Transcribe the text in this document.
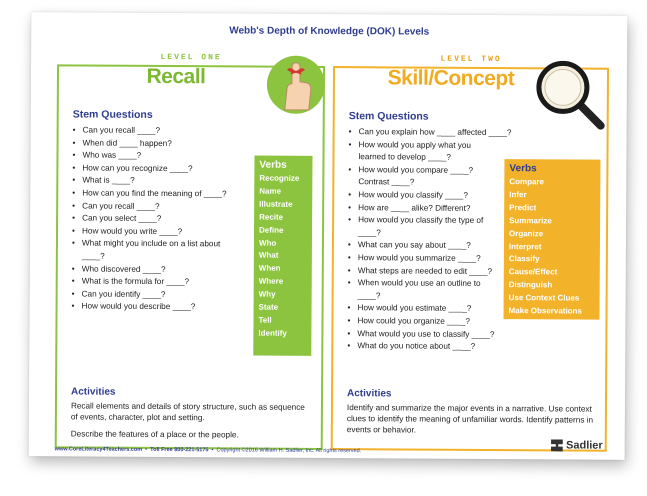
Webb's Depth of Knowledge (DOK) Levels
LEVEL ONE
Recall
Stem Questions
• Can you recall ____?
• When did ____ happen?
• Who was ____?
• How can you recognize ____?
• What is ____?
• How can you find the meaning of ____?
• Can you recall ____?
• Can you select ____?
• How would you write ____?
• What might you include on a list about ____?
• Who discovered ____?
• What is the formula for ____?
• Can you identify ____?
• How would you describe ____?
Verbs
Recognize
Name
Illustrate
Recite
Define
Who
What
When
Where
Why
State
Tell
Identify
Activities

Recall elements and details of story structure, such as sequence of events, character, plot and setting.

Describe the features of a place or the people.

LEVEL TWO
Skill/Concept
Stem Questions
• Can you explain how ____ affected ____?
• How would you apply what you learned to develop ____?
• How would you compare ____? Contrast ____?
• How would you classify ____?
• How are ____ alike? Different?
• How would you classify the type of ____?
• What can you say about ____?
• How would you summarize ____?
• What steps are needed to edit ____?
• When would you use an outline to ____?
• How would you estimate ____?
• How could you organize ____?
• What would you use to classify ____?
• What do you notice about ____?
Verbs
Compare
Infer
Predict
Summarize
Organize
Interpret
Classify
Cause/Effect
Distinguish
Use Context Clues
Make Observations
Activities

Identify and summarize the major events in a narrative. Use context clues to identify the meaning of unfamiliar words. Identify patterns in events or behavior.

www.CoreLiteracy4Teachers.com  •  Toll Free 800-221-5175  •  Copyright ©2016 William H. Sadlier, Inc. All rights reserved.	Sadlier
